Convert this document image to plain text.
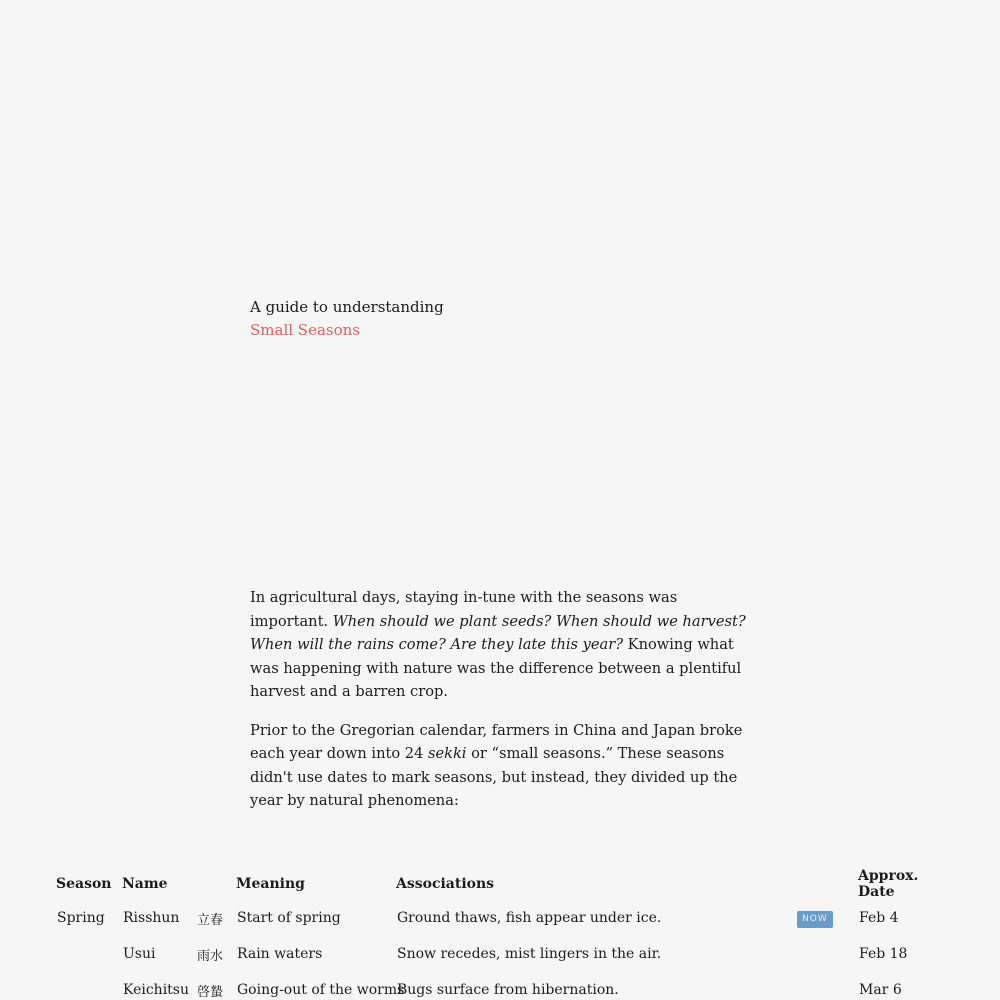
A guide to understanding
Small Seasons

In agricultural days, staying in-tune with the seasons was important. When should we plant seeds? When should we harvest? When will the rains come? Are they late this year? Knowing what was happening with nature was the difference between a plentiful harvest and a barren crop.

Prior to the Gregorian calendar, farmers in China and Japan broke each year down into 24 sekki or “small seasons.” These seasons didn't use dates to mark seasons, but instead, they divided up the year by natural phenomena:

Season	Name		Meaning	Associations		Approx. Date
Spring	Risshun	立春	Start of spring	Ground thaws, fish appear under ice.	NOW	Feb 4
	Usui	雨水	Rain waters	Snow recedes, mist lingers in the air.		Feb 18
	Keichitsu	啓蟄	Going-out of the worms	Bugs surface from hibernation.		Mar 6
